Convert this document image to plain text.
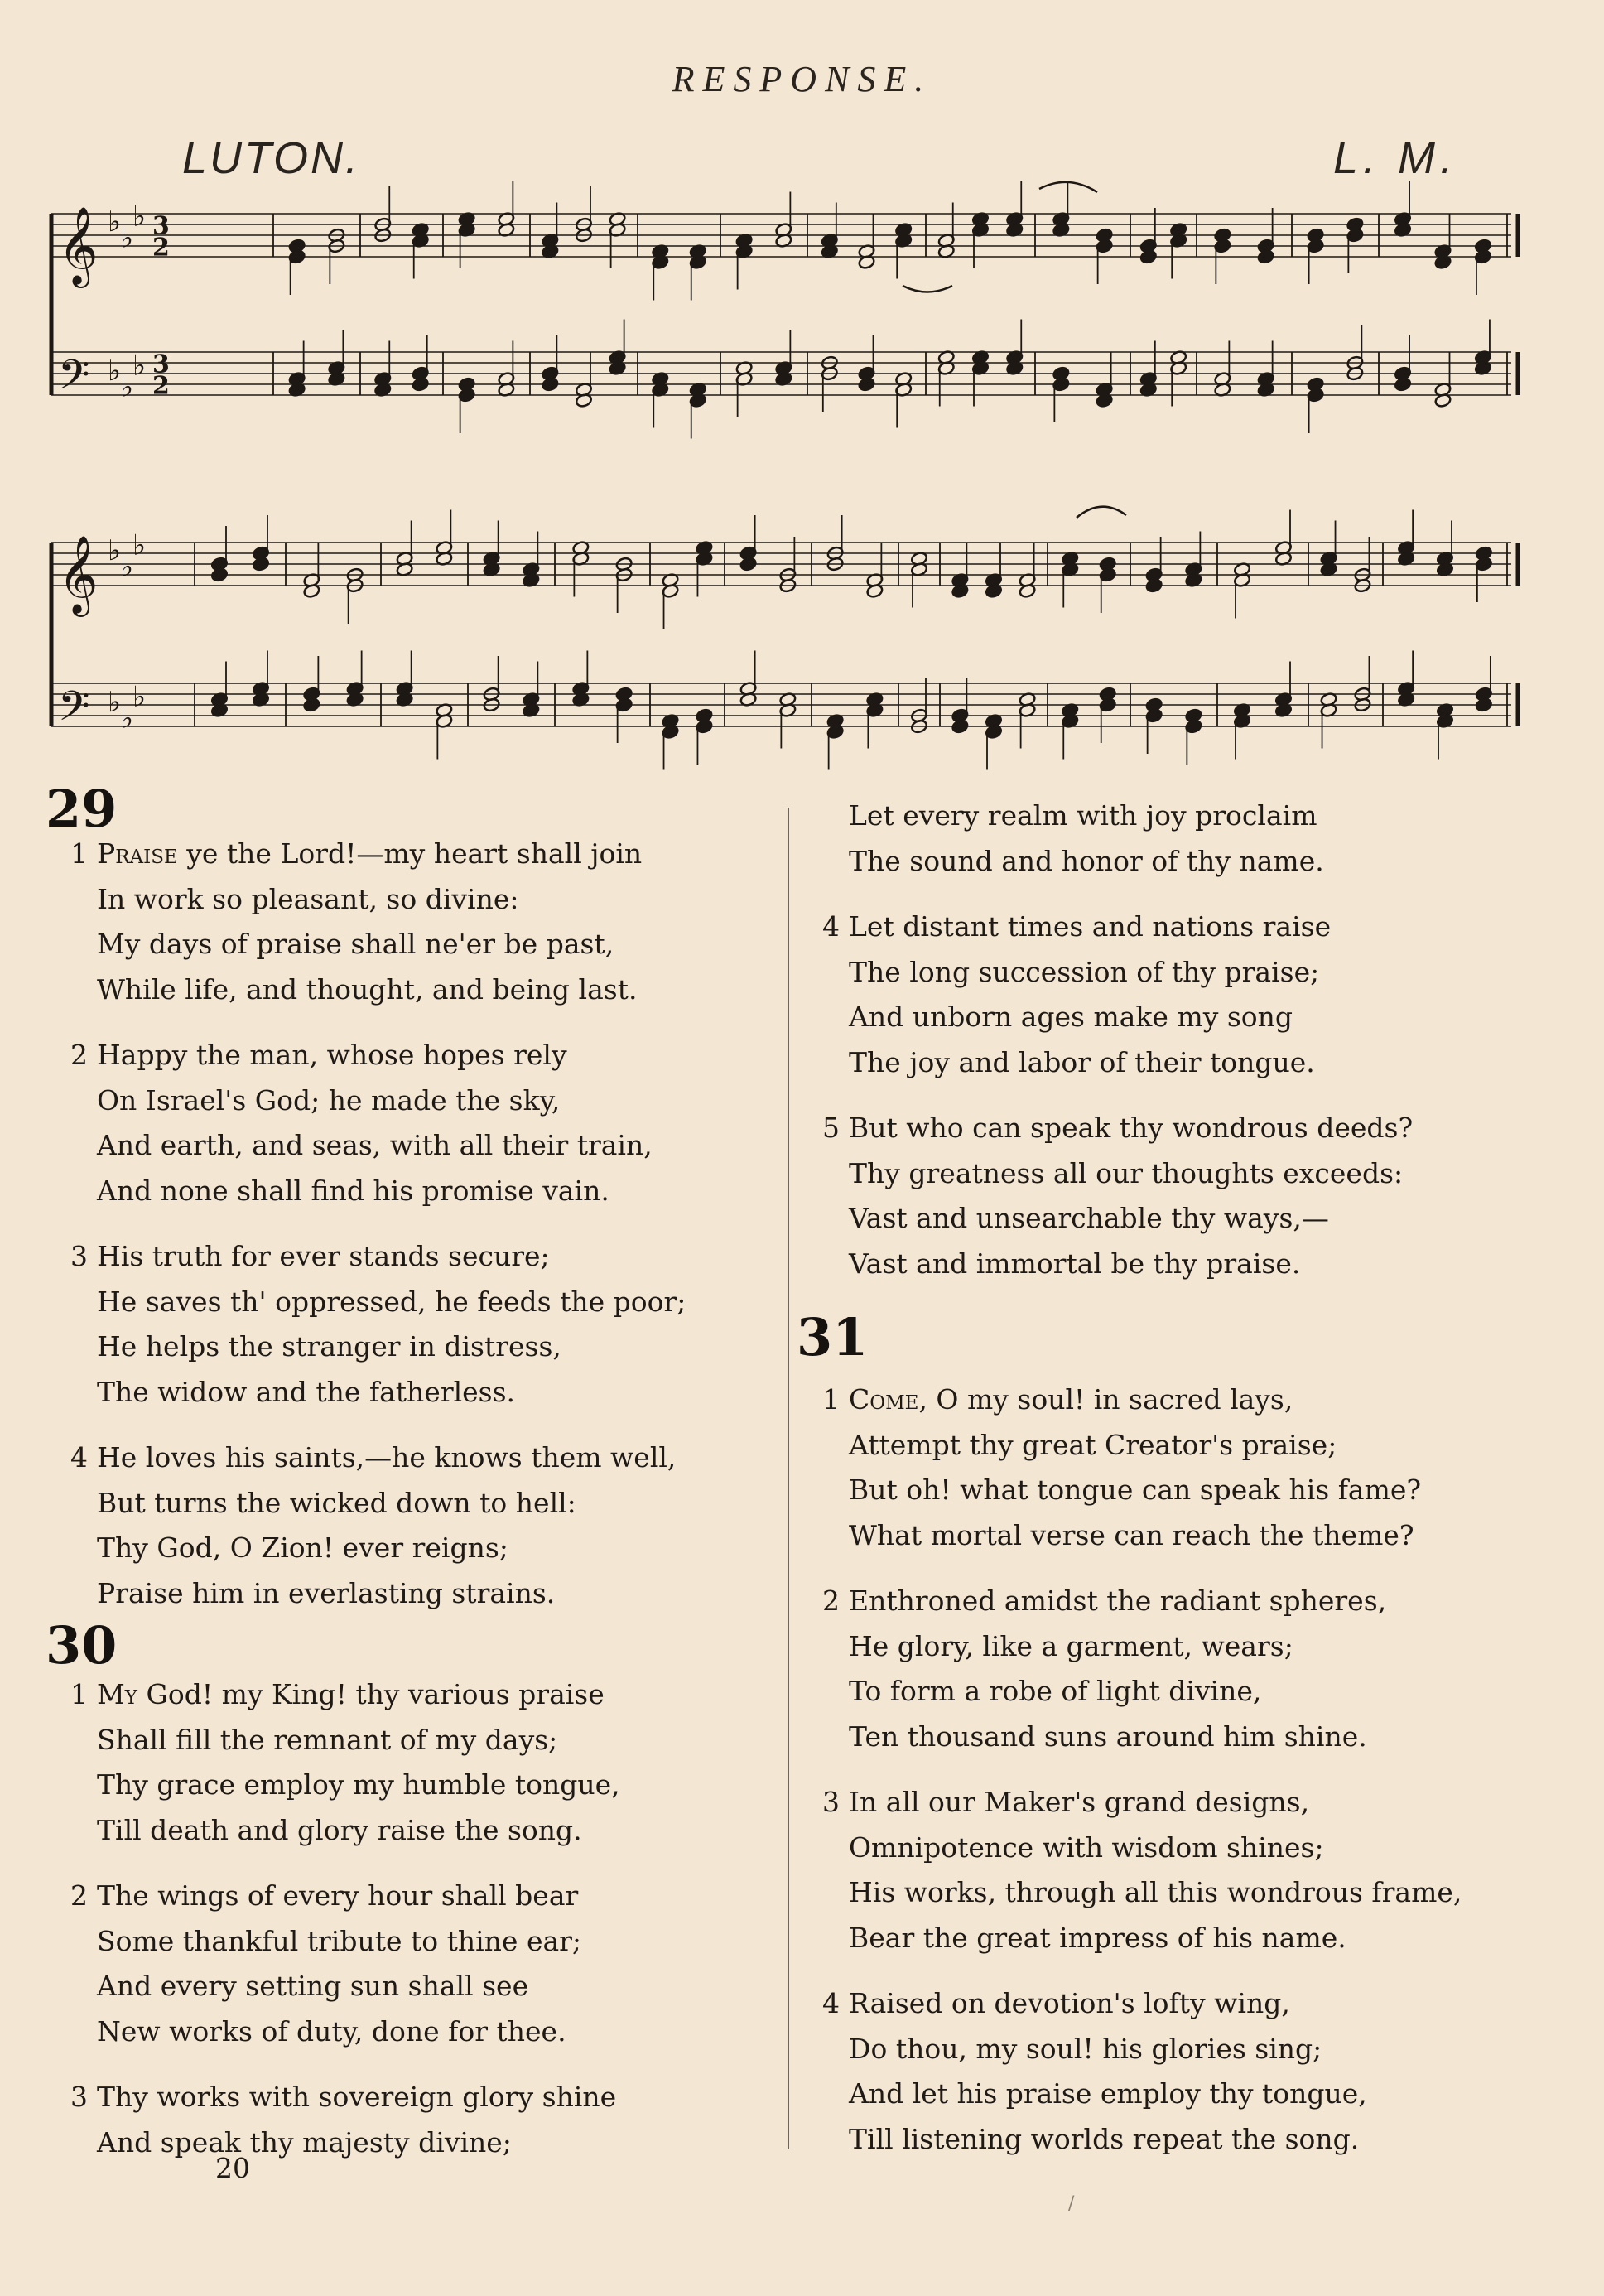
RESPONSE.
LUTON.	L. M.
𝄞 ♭
♭
♭ 3
2
𝄢 ♭
♭
♭ 3
2
𝄞 ♭
♭
♭
𝄢 ♭
♭
♭
29
1 Praise ye the Lord!—my heart shall join
In work so pleasant, so divine:
My days of praise shall ne'er be past,
While life, and thought, and being last.
2 Happy the man, whose hopes rely
On Israel's God; he made the sky,
And earth, and seas, with all their train,
And none shall find his promise vain.
3 His truth for ever stands secure;
He saves th' oppressed, he feeds the poor;
He helps the stranger in distress,
The widow and the fatherless.
4 He loves his saints,—he knows them well,
But turns the wicked down to hell:
Thy God, O Zion! ever reigns;
Praise him in everlasting strains.
30
1 My God! my King! thy various praise
Shall fill the remnant of my days;
Thy grace employ my humble tongue,
Till death and glory raise the song.
2 The wings of every hour shall bear
Some thankful tribute to thine ear;
And every setting sun shall see
New works of duty, done for thee.
3 Thy works with sovereign glory shine
And speak thy majesty divine;
20
Let every realm with joy proclaim
The sound and honor of thy name.
4 Let distant times and nations raise
The long succession of thy praise;
And unborn ages make my song
The joy and labor of their tongue.
5 But who can speak thy wondrous deeds?
Thy greatness all our thoughts exceeds:
Vast and unsearchable thy ways,—
Vast and immortal be thy praise.
31
1 Come, O my soul! in sacred lays,
Attempt thy great Creator's praise;
But oh! what tongue can speak his fame?
What mortal verse can reach the theme?
2 Enthroned amidst the radiant spheres,
He glory, like a garment, wears;
To form a robe of light divine,
Ten thousand suns around him shine.
3 In all our Maker's grand designs,
Omnipotence with wisdom shines;
His works, through all this wondrous frame,
Bear the great impress of his name.
4 Raised on devotion's lofty wing,
Do thou, my soul! his glories sing;
And let his praise employ thy tongue,
Till listening worlds repeat the song.
/
